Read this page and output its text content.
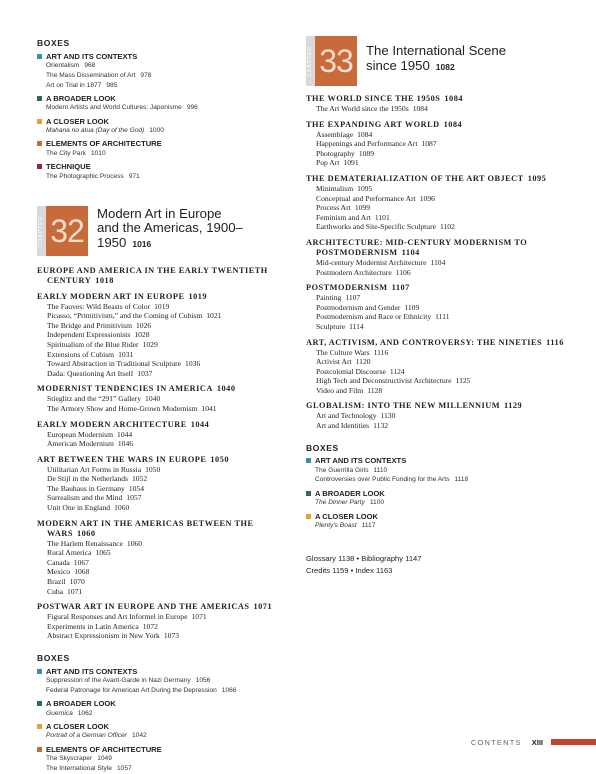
BOXES
ART AND ITS CONTEXTS
Orientalism 968
The Mass Dissemination of Art 978
Art on Trial in 1877 985
A BROADER LOOK
Modern Artists and World Cultures: Japonisme 996
A CLOSER LOOK
Mahana no atua (Day of the God) 1000
ELEMENTS OF ARCHITECTURE
The City Park 1010
TECHNIQUE
The Photographic Process 971
CHAPTER 32	Modern Art in Europe
and the Americas, 1900–
1950 1016
EUROPE AND AMERICA IN THE EARLY TWENTIETH CENTURY 1018
EARLY MODERN ART IN EUROPE 1019
The Fauves: Wild Beasts of Color 1019
Picasso, “Primitivism,” and the Coming of Cubism 1021
The Bridge and Primitivism 1026
Independent Expressionists 1028
Spiritualism of the Blue Rider 1029
Extensions of Cubism 1031
Toward Abstraction in Traditional Sculpture 1036
Dada: Questioning Art Itself 1037
MODERNIST TENDENCIES IN AMERICA 1040
Stieglitz and the “291” Gallery 1040
The Armory Show and Home-Grown Modernism 1041
EARLY MODERN ARCHITECTURE 1044
European Modernism 1044
American Modernism 1046
ART BETWEEN THE WARS IN EUROPE 1050
Utilitarian Art Forms in Russia 1050
De Stijl in the Netherlands 1052
The Bauhaus in Germany 1054
Surrealism and the Mind 1057
Unit One in England 1060
MODERN ART IN THE AMERICAS BETWEEN THE WARS 1060
The Harlem Renaissance 1060
Rural America 1065
Canada 1067
Mexico 1068
Brazil 1070
Cuba 1071
POSTWAR ART IN EUROPE AND THE AMERICAS 1071
Figural Responses and Art Informel in Europe 1071
Experiments in Latin America 1072
Abstract Expressionism in New York 1073
BOXES
ART AND ITS CONTEXTS
Suppression of the Avant-Garde in Nazi Germany 1056
Federal Patronage for American Art During the Depression 1066
A BROADER LOOK
Guernica 1062
A CLOSER LOOK
Portrait of a German Officer 1042
ELEMENTS OF ARCHITECTURE
The Skyscraper 1049
The International Style 1057
CHAPTER 33	The International Scene
since 1950 1082
THE WORLD SINCE THE 1950S 1084
The Art World since the 1950s 1084
THE EXPANDING ART WORLD 1084
Assemblage 1084
Happenings and Performance Art 1087
Photography 1089
Pop Art 1091
THE DEMATERIALIZATION OF THE ART OBJECT 1095
Minimalism 1095
Conceptual and Performance Art 1096
Process Art 1099
Feminism and Art 1101
Earthworks and Site-Specific Sculpture 1102
ARCHITECTURE: MID-CENTURY MODERNISM TO POSTMODERNISM 1104
Mid-century Modernist Architecture 1104
Postmodern Architecture 1106
POSTMODERNISM 1107
Painting 1107
Postmodernism and Gender 1109
Postmodernism and Race or Ethnicity 1111
Sculpture 1114
ART, ACTIVISM, AND CONTROVERSY: THE NINETIES 1116
The Culture Wars 1116
Activist Art 1120
Postcolonial Discourse 1124
High Tech and Deconstructivist Architecture 1125
Video and Film 1128
GLOBALISM: INTO THE NEW MILLENNIUM 1129
Art and Technology 1130
Art and Identities 1132
BOXES
ART AND ITS CONTEXTS
The Guerrilla Girls 1110
Controversies over Public Funding for the Arts 1118
A BROADER LOOK
The Dinner Party 1100
A CLOSER LOOK
Plenty’s Boast 1117
Glossary 1138 • Bibliography 1147
Credits 1159 • Index 1163
CONTENTS XIII
